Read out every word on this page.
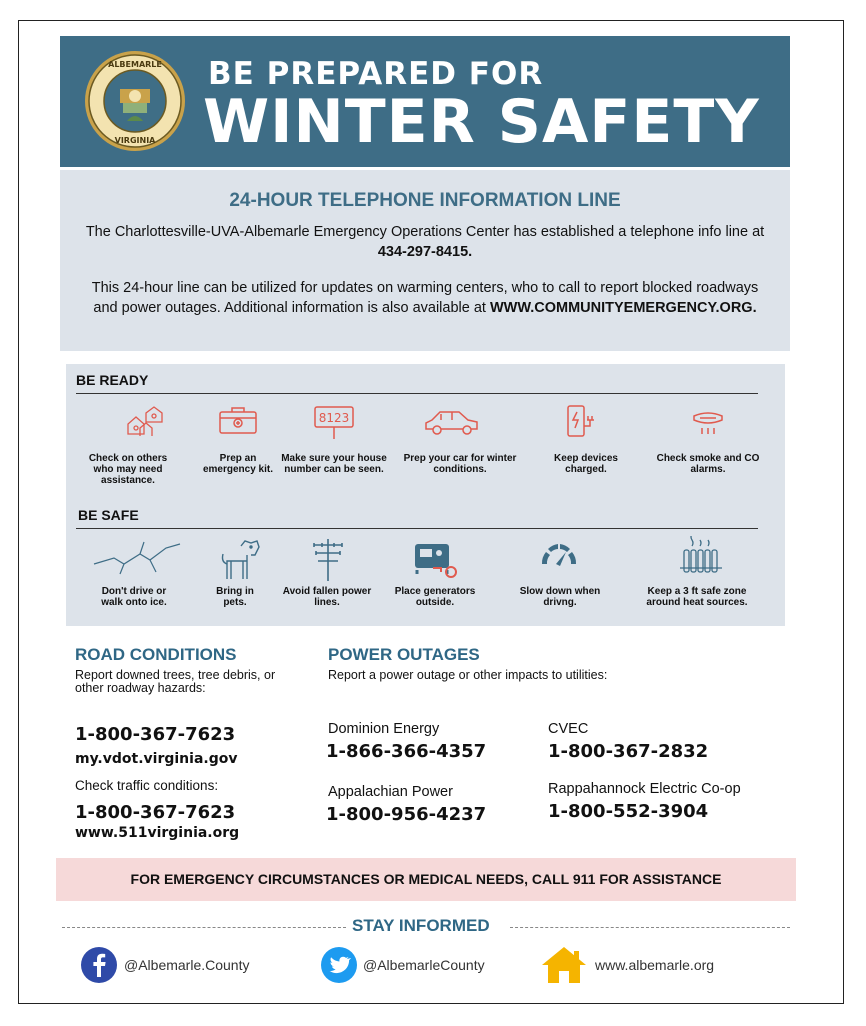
ALBEMARLE
VIRGINIA
BE PREPARED FOR
WINTER SAFETY
24-HOUR TELEPHONE INFORMATION LINE
The Charlottesville-UVA-Albemarle Emergency Operations Center has established a telephone info line at 434-297-8415.
This 24-hour line can be utilized for updates on warming centers, who to call to report blocked roadways and power outages. Additional information is also available at WWW.COMMUNITYEMERGENCY.ORG.
BE READY
8123
Check on others who may need assistance.
Prep an emergency kit.
Make sure your house number can be seen.
Prep your car for winter conditions.
Keep devices charged.
Check smoke and CO alarms.
BE SAFE
Don't drive or walk onto ice.
Bring in pets.
Avoid fallen power lines.
Place generators outside.
Slow down when drivng.
Keep a 3 ft safe zone around heat sources.
ROAD CONDITIONS
Report downed trees, tree debris, or other roadway hazards:
1-800-367-7623
my.vdot.virginia.gov
Check traffic conditions:
1-800-367-7623
www.511virginia.org
POWER OUTAGES
Report a power outage or other impacts to utilities:
Dominion Energy
1-866-366-4357
CVEC
1-800-367-2832
Appalachian Power
1-800-956-4237
Rappahannock Electric Co-op
1-800-552-3904
FOR EMERGENCY CIRCUMSTANCES OR MEDICAL NEEDS, CALL 911 FOR ASSISTANCE
STAY INFORMED
@Albemarle.County	@AlbemarleCounty	www.albemarle.org
